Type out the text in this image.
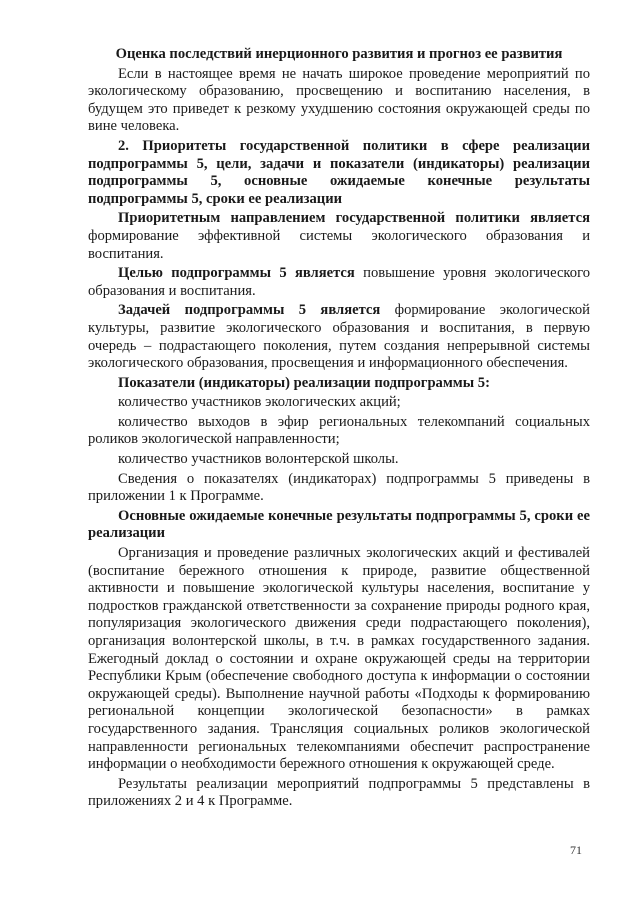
Оценка последствий инерционного развития и прогноз ее развития

Если в настоящее время не начать широкое проведение мероприятий по экологическому образованию, просвещению и воспитанию населения, в будущем это приведет к резкому ухудшению состояния окружающей среды по вине человека.

2. Приоритеты государственной политики в сфере реализации подпрограммы 5, цели, задачи и показатели (индикаторы) реализации подпрограммы 5, основные ожидаемые конечные результаты подпрограммы 5, сроки ее реализации

Приоритетным направлением государственной политики является формирование эффективной системы экологического образования и воспитания.

Целью подпрограммы 5 является повышение уровня экологического образования и воспитания.

Задачей подпрограммы 5 является формирование экологической культуры, развитие экологического образования и воспитания, в первую очередь – подрастающего поколения, путем создания непрерывной системы экологического образования, просвещения и информационного обеспечения.

Показатели (индикаторы) реализации подпрограммы 5:

количество участников экологических акций;

количество выходов в эфир региональных телекомпаний социальных роликов экологической направленности;

количество участников волонтерской школы.

Сведения о показателях (индикаторах) подпрограммы 5 приведены в приложении 1 к Программе.

Основные ожидаемые конечные результаты подпрограммы 5, сроки ее реализации

Организация и проведение различных экологических акций и фестивалей (воспитание бережного отношения к природе, развитие общественной активности и повышение экологической культуры населения, воспитание у подростков гражданской ответственности за сохранение природы родного края, популяризация экологического движения среди подрастающего поколения), организация волонтерской школы, в т.ч. в рамках государственного задания. Ежегодный доклад о состоянии и охране окружающей среды на территории Республики Крым (обеспечение свободного доступа к информации о состоянии окружающей среды). Выполнение научной работы «Подходы к формированию региональной концепции экологической безопасности» в рамках государственного задания. Трансляция социальных роликов экологической направленности региональных телекомпаниями обеспечит распространение информации о необходимости бережного отношения к окружающей среде.

Результаты реализации мероприятий подпрограммы 5 представлены в приложениях 2 и 4 к Программе.

71
